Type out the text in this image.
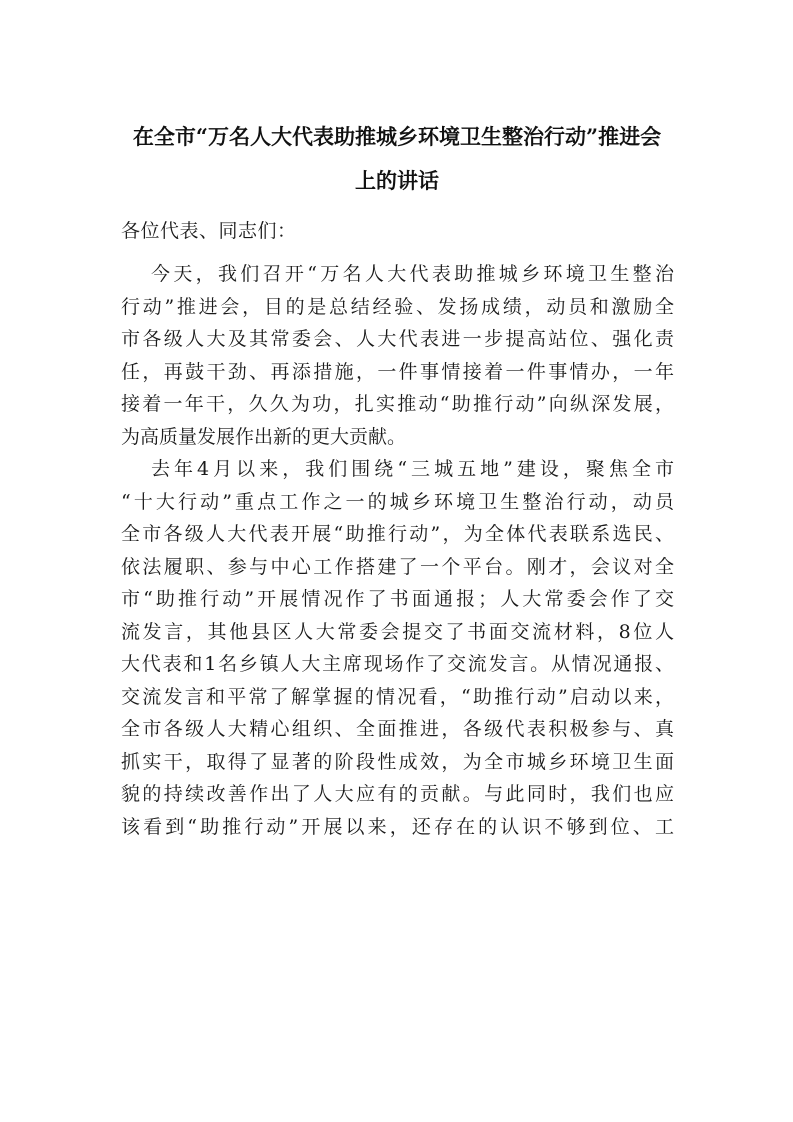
在全市“万名人大代表助推城乡环境卫生整治行动”推进会
上的讲话
各位代表、同志们：
今天，我们召开“万名人大代表助推城乡环境卫生整治
行动”推进会，目的是总结经验、发扬成绩，动员和激励全
市各级人大及其常委会、人大代表进一步提高站位、强化责
任，再鼓干劲、再添措施，一件事情接着一件事情办，一年
接着一年干，久久为功，扎实推动“助推行动”向纵深发展，
为高质量发展作出新的更大贡献。
去年4月以来，我们围绕“三城五地”建设，聚焦全市
“十大行动”重点工作之一的城乡环境卫生整治行动，动员
全市各级人大代表开展“助推行动”，为全体代表联系选民、
依法履职、参与中心工作搭建了一个平台。刚才，会议对全
市“助推行动”开展情况作了书面通报；人大常委会作了交
流发言，其他县区人大常委会提交了书面交流材料，8位人
大代表和1名乡镇人大主席现场作了交流发言。从情况通报、
交流发言和平常了解掌握的情况看，“助推行动”启动以来，
全市各级人大精心组织、全面推进，各级代表积极参与、真
抓实干，取得了显著的阶段性成效，为全市城乡环境卫生面
貌的持续改善作出了人大应有的贡献。与此同时，我们也应
该看到“助推行动”开展以来，还存在的认识不够到位、工
